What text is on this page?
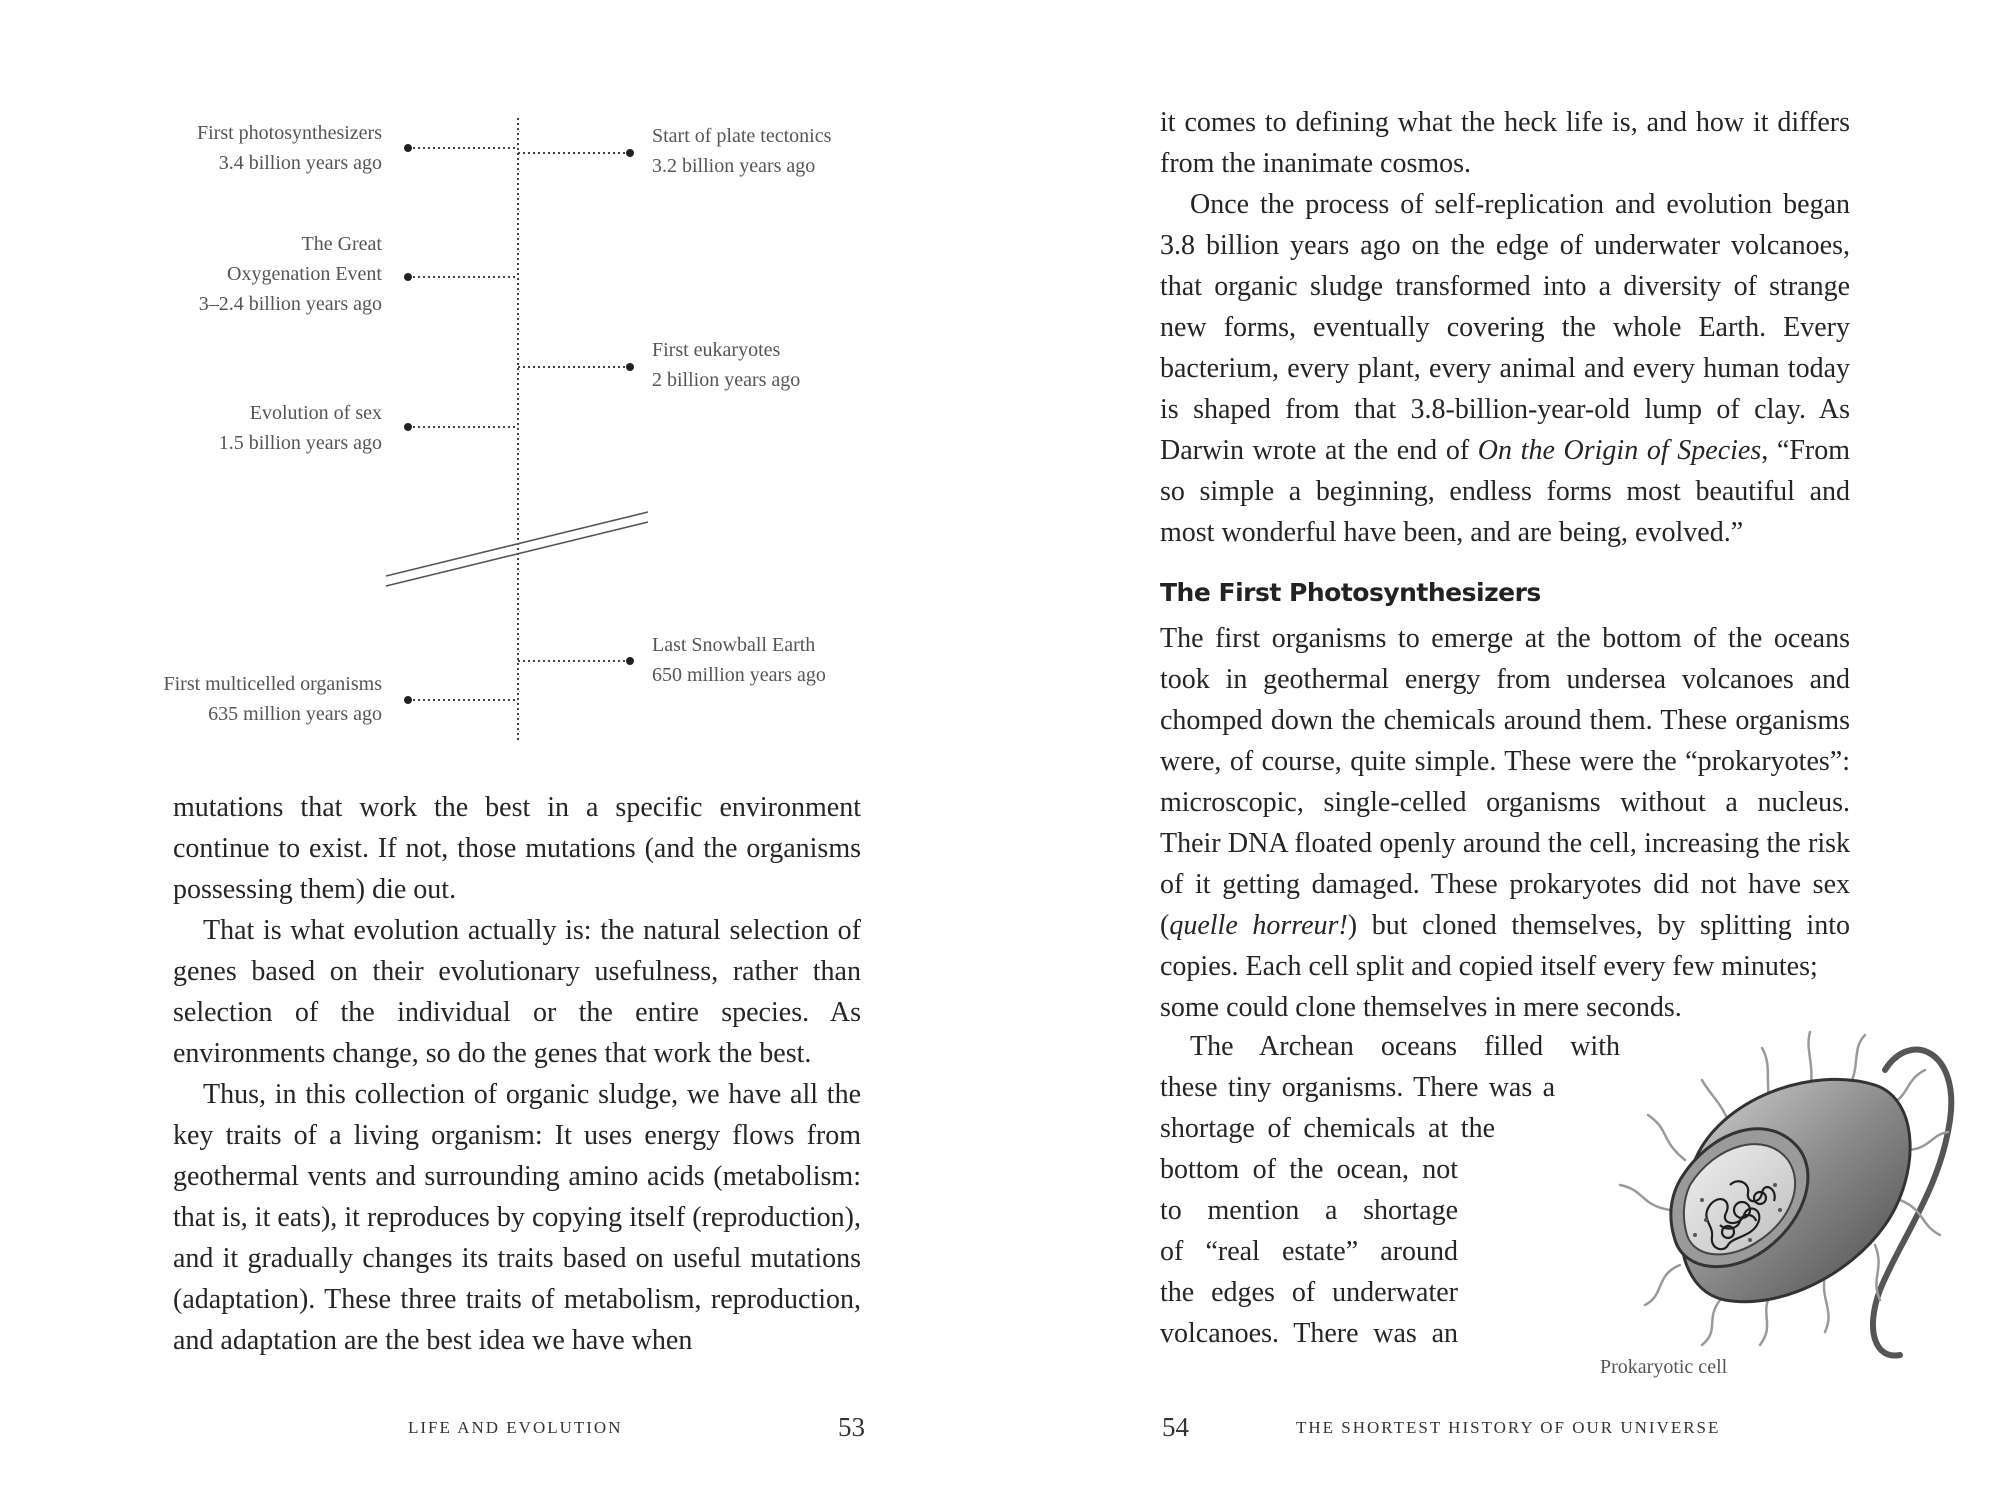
First photosynthesizers
3.4 billion years ago
The Great
Oxygenation Event
3–2.4 billion years ago
Evolution of sex
1.5 billion years ago
First multicelled organisms
635 million years ago
Start of plate tectonics
3.2 billion years ago
First eukaryotes
2 billion years ago
Last Snowball Earth
650 million years ago

mutations that work the best in a specific environment continue to exist. If not, those mutations (and the organisms possessing them) die out.

That is what evolution actually is: the natural selection of genes based on their evolutionary usefulness, rather than selection of the individual or the entire species. As environments change, so do the genes that work the best.

Thus, in this collection of organic sludge, we have all the key traits of a living organism: It uses energy flows from geothermal vents and surrounding amino acids (metabolism: that is, it eats), it reproduces by copying itself (reproduction), and it gradually changes its traits based on useful mutations (adaptation). These three traits of metabolism, reproduction, and adaptation are the best idea we have when

LIFE AND EVOLUTION	53

it comes to defining what the heck life is, and how it differs from the inanimate cosmos.

Once the process of self-replication and evolution began 3.8 billion years ago on the edge of underwater volcanoes, that organic sludge transformed into a diversity of strange new forms, eventually covering the whole Earth. Every bacterium, every plant, every animal and every human today is shaped from that 3.8-billion-year-old lump of clay. As Darwin wrote at the end of On the Origin of Species, “From so simple a beginning, endless forms most beautiful and most wonderful have been, and are being, evolved.”

The First Photosynthesizers

The first organisms to emerge at the bottom of the oceans took in geothermal energy from undersea volcanoes and chomped down the chemicals around them. These organisms were, of course, quite simple. These were the “prokaryotes”: microscopic, single-celled organisms without a nucleus. Their DNA floated openly around the cell, increasing the risk of it getting damaged. These prokaryotes did not have sex (quelle horreur!) but cloned themselves, by splitting into copies. Each cell split and copied itself every few minutes;

some could clone themselves in mere seconds.

The Archean oceans filled with
these tiny organisms. There was a
shortage of chemicals at the
bottom of the ocean, not
to mention a shortage
of “real estate” around
the edges of underwater
volcanoes. There was an
Prokaryotic cell
54	THE SHORTEST HISTORY OF OUR UNIVERSE
